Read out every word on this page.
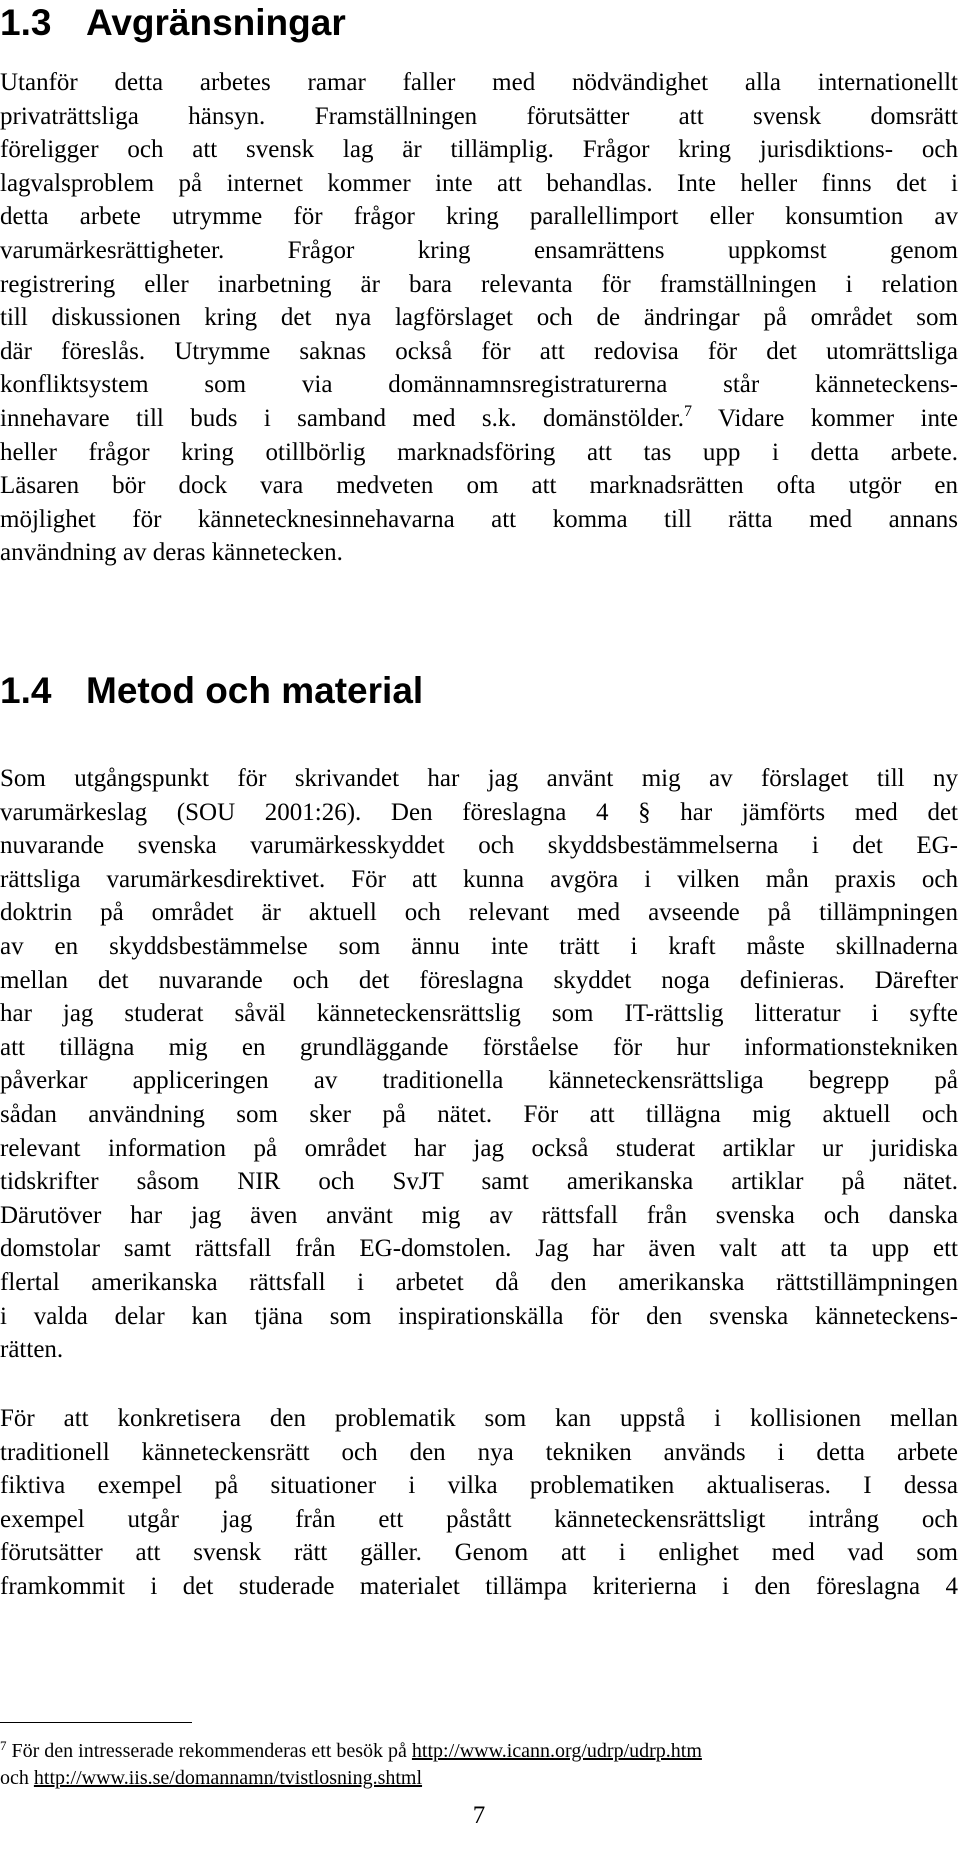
1.3 Avgränsningar
Utanför detta arbetes ramar faller med nödvändighet alla internationellt
privaträttsliga hänsyn. Framställningen förutsätter att svensk domsrätt
föreligger och att svensk lag är tillämplig. Frågor kring jurisdiktions- och
lagvalsproblem på internet kommer inte att behandlas. Inte heller finns det i
detta arbete utrymme för frågor kring parallellimport eller konsumtion av
varumärkesrättigheter. Frågor kring ensamrättens uppkomst genom
registrering eller inarbetning är bara relevanta för framställningen i relation
till diskussionen kring det nya lagförslaget och de ändringar på området som
där föreslås. Utrymme saknas också för att redovisa för det utomrättsliga
konfliktsystem som via domännamnsregistraturerna står känneteckens-
innehavare till buds i samband med s.k. domänstölder.$^7$ Vidare kommer inte
heller frågor kring otillbörlig marknadsföring att tas upp i detta arbete.
Läsaren bör dock vara medveten om att marknadsrätten ofta utgör en
möjlighet för kännetecknesinnehavarna att komma till rätta med annans
användning av deras kännetecken.
1.4 Metod och material
Som utgångspunkt för skrivandet har jag använt mig av förslaget till ny
varumärkeslag (SOU 2001:26). Den föreslagna 4 § har jämförts med det
nuvarande svenska varumärkesskyddet och skyddsbestämmelserna i det EG-
rättsliga varumärkesdirektivet. För att kunna avgöra i vilken mån praxis och
doktrin på området är aktuell och relevant med avseende på tillämpningen
av en skyddsbestämmelse som ännu inte trätt i kraft måste skillnaderna
mellan det nuvarande och det föreslagna skyddet noga definieras. Därefter
har jag studerat såväl känneteckensrättslig som IT-rättslig litteratur i syfte
att tillägna mig en grundläggande förståelse för hur informationstekniken
påverkar appliceringen av traditionella känneteckensrättsliga begrepp på
sådan användning som sker på nätet. För att tillägna mig aktuell och
relevant information på området har jag också studerat artiklar ur juridiska
tidskrifter såsom NIR och SvJT samt amerikanska artiklar på nätet.
Därutöver har jag även använt mig av rättsfall från svenska och danska
domstolar samt rättsfall från EG-domstolen. Jag har även valt att ta upp ett
flertal amerikanska rättsfall i arbetet då den amerikanska rättstillämpningen
i valda delar kan tjäna som inspirationskälla för den svenska känneteckens-
rätten.
För att konkretisera den problematik som kan uppstå i kollisionen mellan
traditionell känneteckensrätt och den nya tekniken används i detta arbete
fiktiva exempel på situationer i vilka problematiken aktualiseras. I dessa
exempel utgår jag från ett påstått känneteckensrättsligt intrång och
förutsätter att svensk rätt gäller. Genom att i enlighet med vad som
framkommit i det studerade materialet tillämpa kriterierna i den föreslagna 4
$^7$ För den intresserade rekommenderas ett besök på http://www.icann.org/udrp/udrp.htm
och http://www.iis.se/domannamn/tvistlosning.shtml
7
